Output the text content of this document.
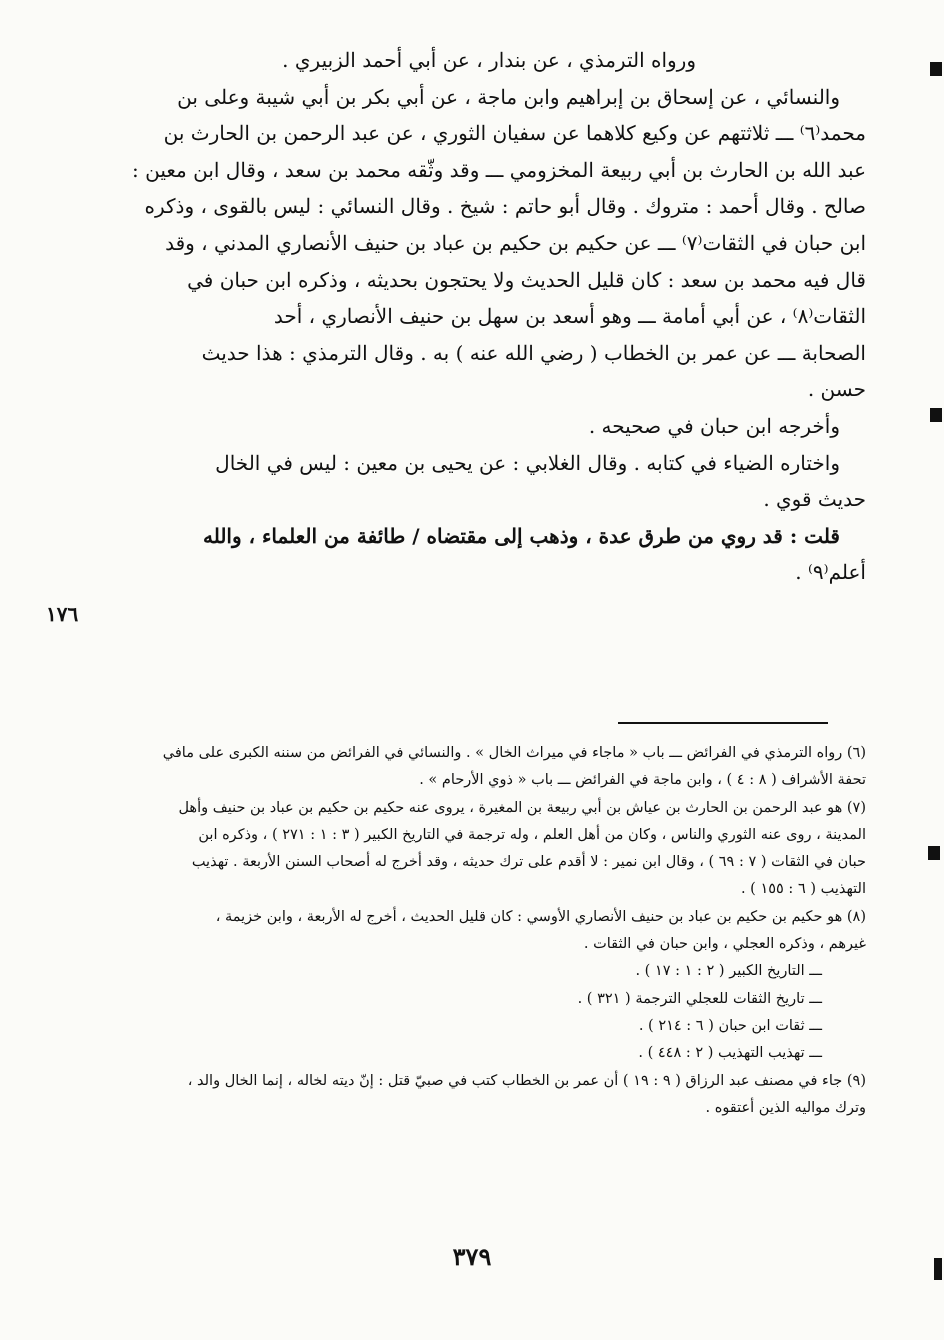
ورواه الترمذي ، عن بندار ، عن أبي أحمد الزبيري .

والنسائي ، عن إسحاق بن إبراهيم وابن ماجة ، عن أبي بكر بن أبي شيبة وعلى بن

محمد⁽٦⁾ ـــ ثلاثتهم عن وكيع كلاهما عن سفيان الثوري ، عن عبد الرحمن بن الحارث بن

عبد الله بن الحارث بن أبي ربيعة المخزومي ـــ وقد وثّقه محمد بن سعد ، وقال ابن معين :

صالح . وقال أحمد : متروك . وقال أبو حاتم : شيخ . وقال النسائي : ليس بالقوى ، وذكره

ابن حبان في الثقات⁽٧⁾ ـــ عن حكيم بن حكيم بن عباد بن حنيف الأنصاري المدني ، وقد

قال فيه محمد بن سعد : كان قليل الحديث ولا يحتجون بحديثه ، وذكره ابن حبان في

الثقات⁽٨⁾ ، عن أبي أمامة ـــ وهو أسعد بن سهل بن حنيف الأنصاري ، أحد

الصحابة ـــ عن عمر بن الخطاب ( رضي الله عنه ) به . وقال الترمذي : هذا حديث

حسن .

وأخرجه ابن حبان في صحيحه .

واختاره الضياء في كتابه . وقال الغلابي : عن يحيى بن معين : ليس في الخال

حديث قوي .

قلت : قد روي من طرق عدة ، وذهب إلى مقتضاه / طائفة من العلماء ، والله

أعلم⁽٩⁾ .

١٧٦

(٦) رواه الترمذي في الفرائض ـــ باب « ماجاء في ميراث الخال » . والنسائي في الفرائض من سننه الكبرى على مافي

تحفة الأشراف ( ٨ : ٤ ) ، وابن ماجة في الفرائض ـــ باب « ذوي الأرحام » .

(٧) هو عبد الرحمن بن الحارث بن عياش بن أبي ربيعة بن المغيرة ، يروى عنه حكيم بن حكيم بن عباد بن حنيف وأهل

المدينة ، روى عنه الثوري والناس ، وكان من أهل العلم ، وله ترجمة في التاريخ الكبير ( ٣ : ١ : ٢٧١ ) ، وذكره ابن

حبان في الثقات ( ٧ : ٦٩ ) ، وقال ابن نمير : لا أقدم على ترك حديثه ، وقد أخرج له أصحاب السنن الأربعة . تهذيب

التهذيب ( ٦ : ١٥٥ ) .

(٨) هو حكيم بن حكيم بن عباد بن حنيف الأنصاري الأوسي : كان قليل الحديث ، أخرج له الأربعة ، وابن خزيمة ،

غيرهم ، وذكره العجلي ، وابن حبان في الثقات .

ـــ التاريخ الكبير ( ٢ : ١ : ١٧ ) .

ـــ تاريخ الثقات للعجلي الترجمة ( ٣٢١ ) .

ـــ ثقات ابن حبان ( ٦ : ٢١٤ ) .

ـــ تهذيب التهذيب ( ٢ : ٤٤٨ ) .

(٩) جاء في مصنف عبد الرزاق ( ٩ : ١٩ ) أن عمر بن الخطاب كتب في صبيّ قتل : إنّ ديته لخاله ، إنما الخال والد ،

وترك مواليه الذين أعتقوه .

٣٧٩
